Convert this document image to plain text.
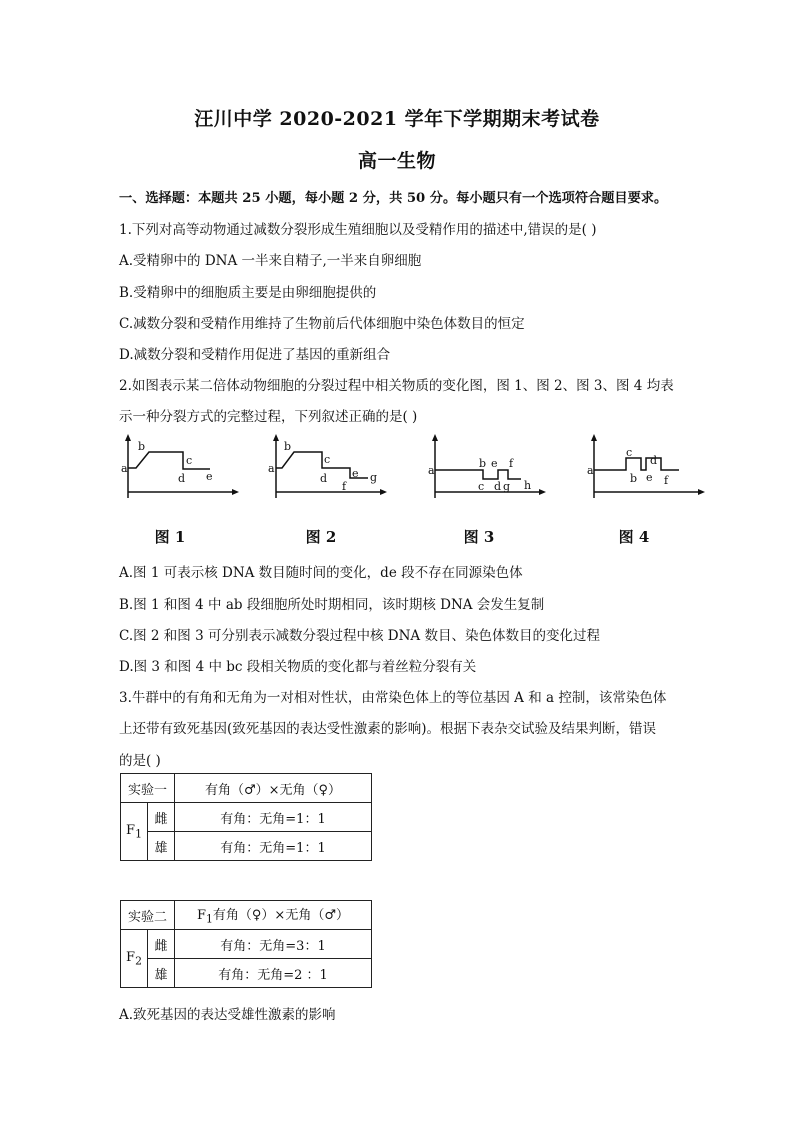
汪川中学 2020-2021 学年下学期期末考试卷
高一生物
一、选择题：本题共 25 小题，每小题 2 分，共 50 分。每小题只有一个选项符合题目要求。
1.下列对高等动物通过减数分裂形成生殖细胞以及受精作用的描述中,错误的是( )
A.受精卵中的 DNA 一半来自精子,一半来自卵细胞
B.受精卵中的细胞质主要是由卵细胞提供的
C.减数分裂和受精作用维持了生物前后代体细胞中染色体数目的恒定
D.减数分裂和受精作用促进了基因的重新组合
2.如图表示某二倍体动物细胞的分裂过程中相关物质的变化图，图 1、图 2、图 3、图 4 均表
示一种分裂方式的完整过程，下列叙述正确的是( )
a
b
c
d e
图 1
a
b
c
d e
f
g
图 2
a
b e f
c d g h
图 3
a
c
d
b e f
图 4
A.图 1 可表示核 DNA 数目随时间的变化，de 段不存在同源染色体
B.图 1 和图 4 中 ab 段细胞所处时期相同，该时期核 DNA 会发生复制
C.图 2 和图 3 可分别表示减数分裂过程中核 DNA 数目、染色体数目的变化过程
D.图 3 和图 4 中 bc 段相关物质的变化都与着丝粒分裂有关
3.牛群中的有角和无角为一对相对性状，由常染色体上的等位基因 A 和 a 控制，该常染色体
上还带有致死基因(致死基因的表达受性激素的影响)。根据下表杂交试验及结果判断，错误
的是( )
实验一		有角（♂）×无角（♀）
$F_1$	雌	有角：无角=1：1
	雄	有角：无角=1：1
实验二		$F_1$有角（♀）×无角（♂）
$F_2$	雌	有角：无角=3：1
	雄	有角：无角=2 ：1
A.致死基因的表达受雄性激素的影响
